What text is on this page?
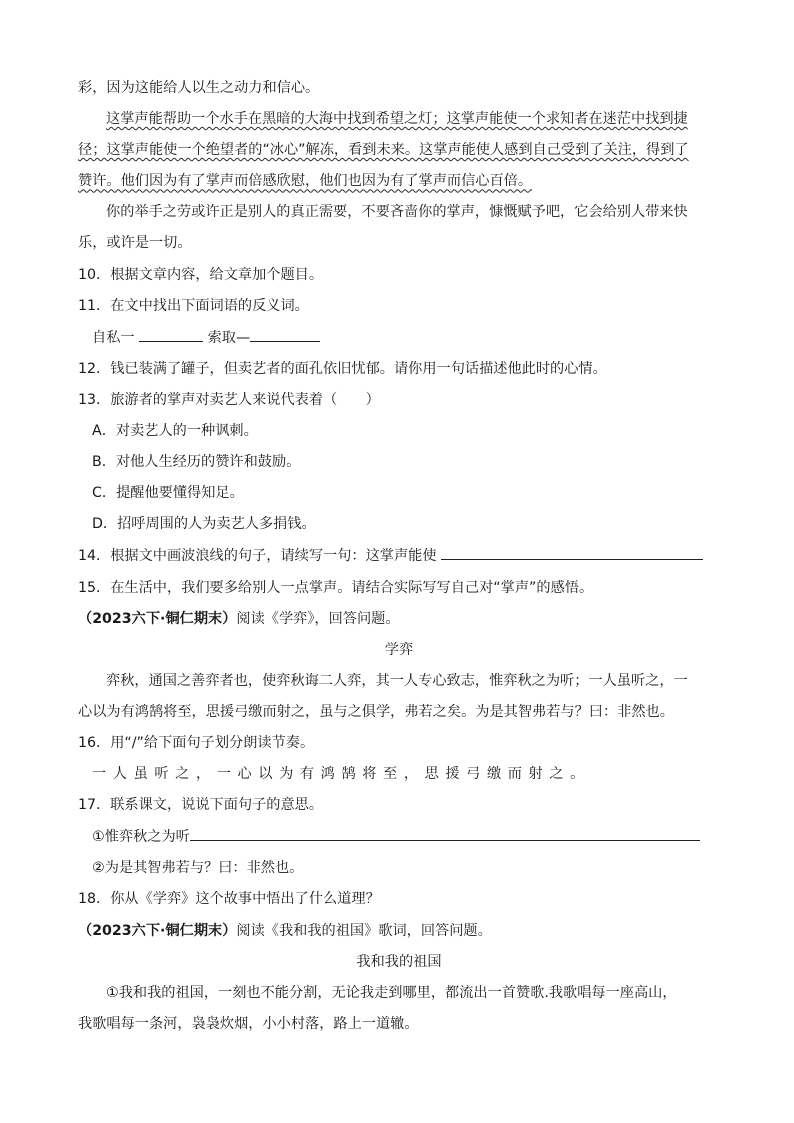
彩，因为这能给人以生之动力和信心。
这掌声能帮助一个水手在黑暗的大海中找到希望之灯；这掌声能使一个求知者在迷茫中找到捷
径；这掌声能使一个绝望者的“冰心”解冻，看到未来。这掌声能使人感到自己受到了关注，得到了
赞许。他们因为有了掌声而倍感欣慰，他们也因为有了掌声而信心百倍。
你的举手之劳或许正是别人的真正需要，不要吝啬你的掌声，慷慨赋予吧，它会给别人带来快
乐，或许是一切。
10．根据文章内容，给文章加个题目。
11．在文中找出下面词语的反义词。
自私一	索取—
12．钱已装满了罐子，但卖艺者的面孔依旧忧郁。请你用一句话描述他此时的心情。
13．旅游者的掌声对卖艺人来说代表着（　　）
A．对卖艺人的一种讽刺。
B．对他人生经历的赞许和鼓励。
C．提醒他要懂得知足。
D．招呼周围的人为卖艺人多捐钱。
14．根据文中画波浪线的句子，请续写一句：这掌声能使
15．在生活中，我们要多给别人一点掌声。请结合实际写写自己对“掌声”的感悟。
（2023六下·铜仁期末）阅读《学弈》，回答问题。
学弈
弈秋，通国之善弈者也，使弈秋诲二人弈，其一人专心致志，惟弈秋之为听；一人虽听之，一
心以为有鸿鹄将至，思援弓缴而射之，虽与之俱学，弗若之矣。为是其智弗若与？曰：非然也。
16．用“/”给下面句子划分朗读节奏。
一人虽听之，一心以为有鸿鹄将至，思援弓缴而射之。
17．联系课文，说说下面句子的意思。
①惟弈秋之为听
②为是其智弗若与？曰：非然也。
18．你从《学弈》这个故事中悟出了什么道理？
（2023六下·铜仁期末）阅读《我和我的祖国》歌词，回答问题。
我和我的祖国
①我和我的祖国，一刻也不能分割，无论我走到哪里，都流出一首赞歌.我歌唱每一座高山，
我歌唱每一条河，袅袅炊烟，小小村落，路上一道辙。
